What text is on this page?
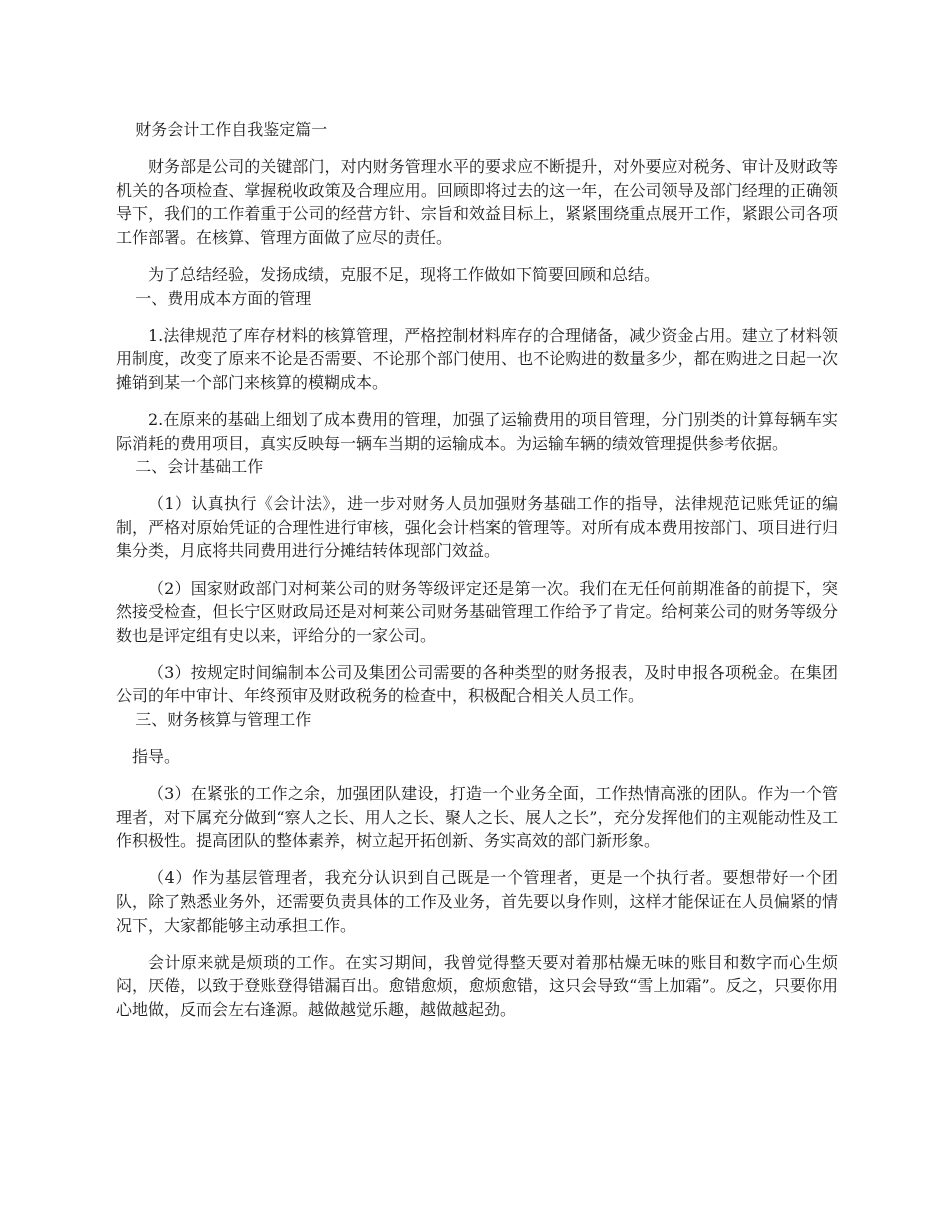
财务会计工作自我鉴定篇一

财务部是公司的关键部门，对内财务管理水平的要求应不断提升，对外要应对税务、审计及财政等机关的各项检查、掌握税收政策及合理应用。回顾即将过去的这一年，在公司领导及部门经理的正确领导下，我们的工作着重于公司的经营方针、宗旨和效益目标上，紧紧围绕重点展开工作，紧跟公司各项工作部署。在核算、管理方面做了应尽的责任。

为了总结经验，发扬成绩，克服不足，现将工作做如下简要回顾和总结。

一、费用成本方面的管理

1.法律规范了库存材料的核算管理，严格控制材料库存的合理储备，减少资金占用。建立了材料领用制度，改变了原来不论是否需要、不论那个部门使用、也不论购进的数量多少，都在购进之日起一次摊销到某一个部门来核算的模糊成本。

2.在原来的基础上细划了成本费用的管理，加强了运输费用的项目管理，分门别类的计算每辆车实际消耗的费用项目，真实反映每一辆车当期的运输成本。为运输车辆的绩效管理提供参考依据。

二、会计基础工作

（1）认真执行《会计法》，进一步对财务人员加强财务基础工作的指导，法律规范记账凭证的编制，严格对原始凭证的合理性进行审核，强化会计档案的管理等。对所有成本费用按部门、项目进行归集分类，月底将共同费用进行分摊结转体现部门效益。

（2）国家财政部门对柯莱公司的财务等级评定还是第一次。我们在无任何前期准备的前提下，突然接受检查，但长宁区财政局还是对柯莱公司财务基础管理工作给予了肯定。给柯莱公司的财务等级分数也是评定组有史以来，评给分的一家公司。

（3）按规定时间编制本公司及集团公司需要的各种类型的财务报表，及时申报各项税金。在集团公司的年中审计、年终预审及财政税务的检查中，积极配合相关人员工作。

三、财务核算与管理工作

指导。

（3）在紧张的工作之余，加强团队建设，打造一个业务全面，工作热情高涨的团队。作为一个管理者，对下属充分做到“察人之长、用人之长、聚人之长、展人之长”，充分发挥他们的主观能动性及工作积极性。提高团队的整体素养，树立起开拓创新、务实高效的部门新形象。

（4）作为基层管理者，我充分认识到自己既是一个管理者，更是一个执行者。要想带好一个团队，除了熟悉业务外，还需要负责具体的工作及业务，首先要以身作则，这样才能保证在人员偏紧的情况下，大家都能够主动承担工作。

会计原来就是烦琐的工作。在实习期间，我曾觉得整天要对着那枯燥无味的账目和数字而心生烦闷，厌倦，以致于登账登得错漏百出。愈错愈烦，愈烦愈错，这只会导致“雪上加霜”。反之，只要你用心地做，反而会左右逢源。越做越觉乐趣，越做越起劲。
